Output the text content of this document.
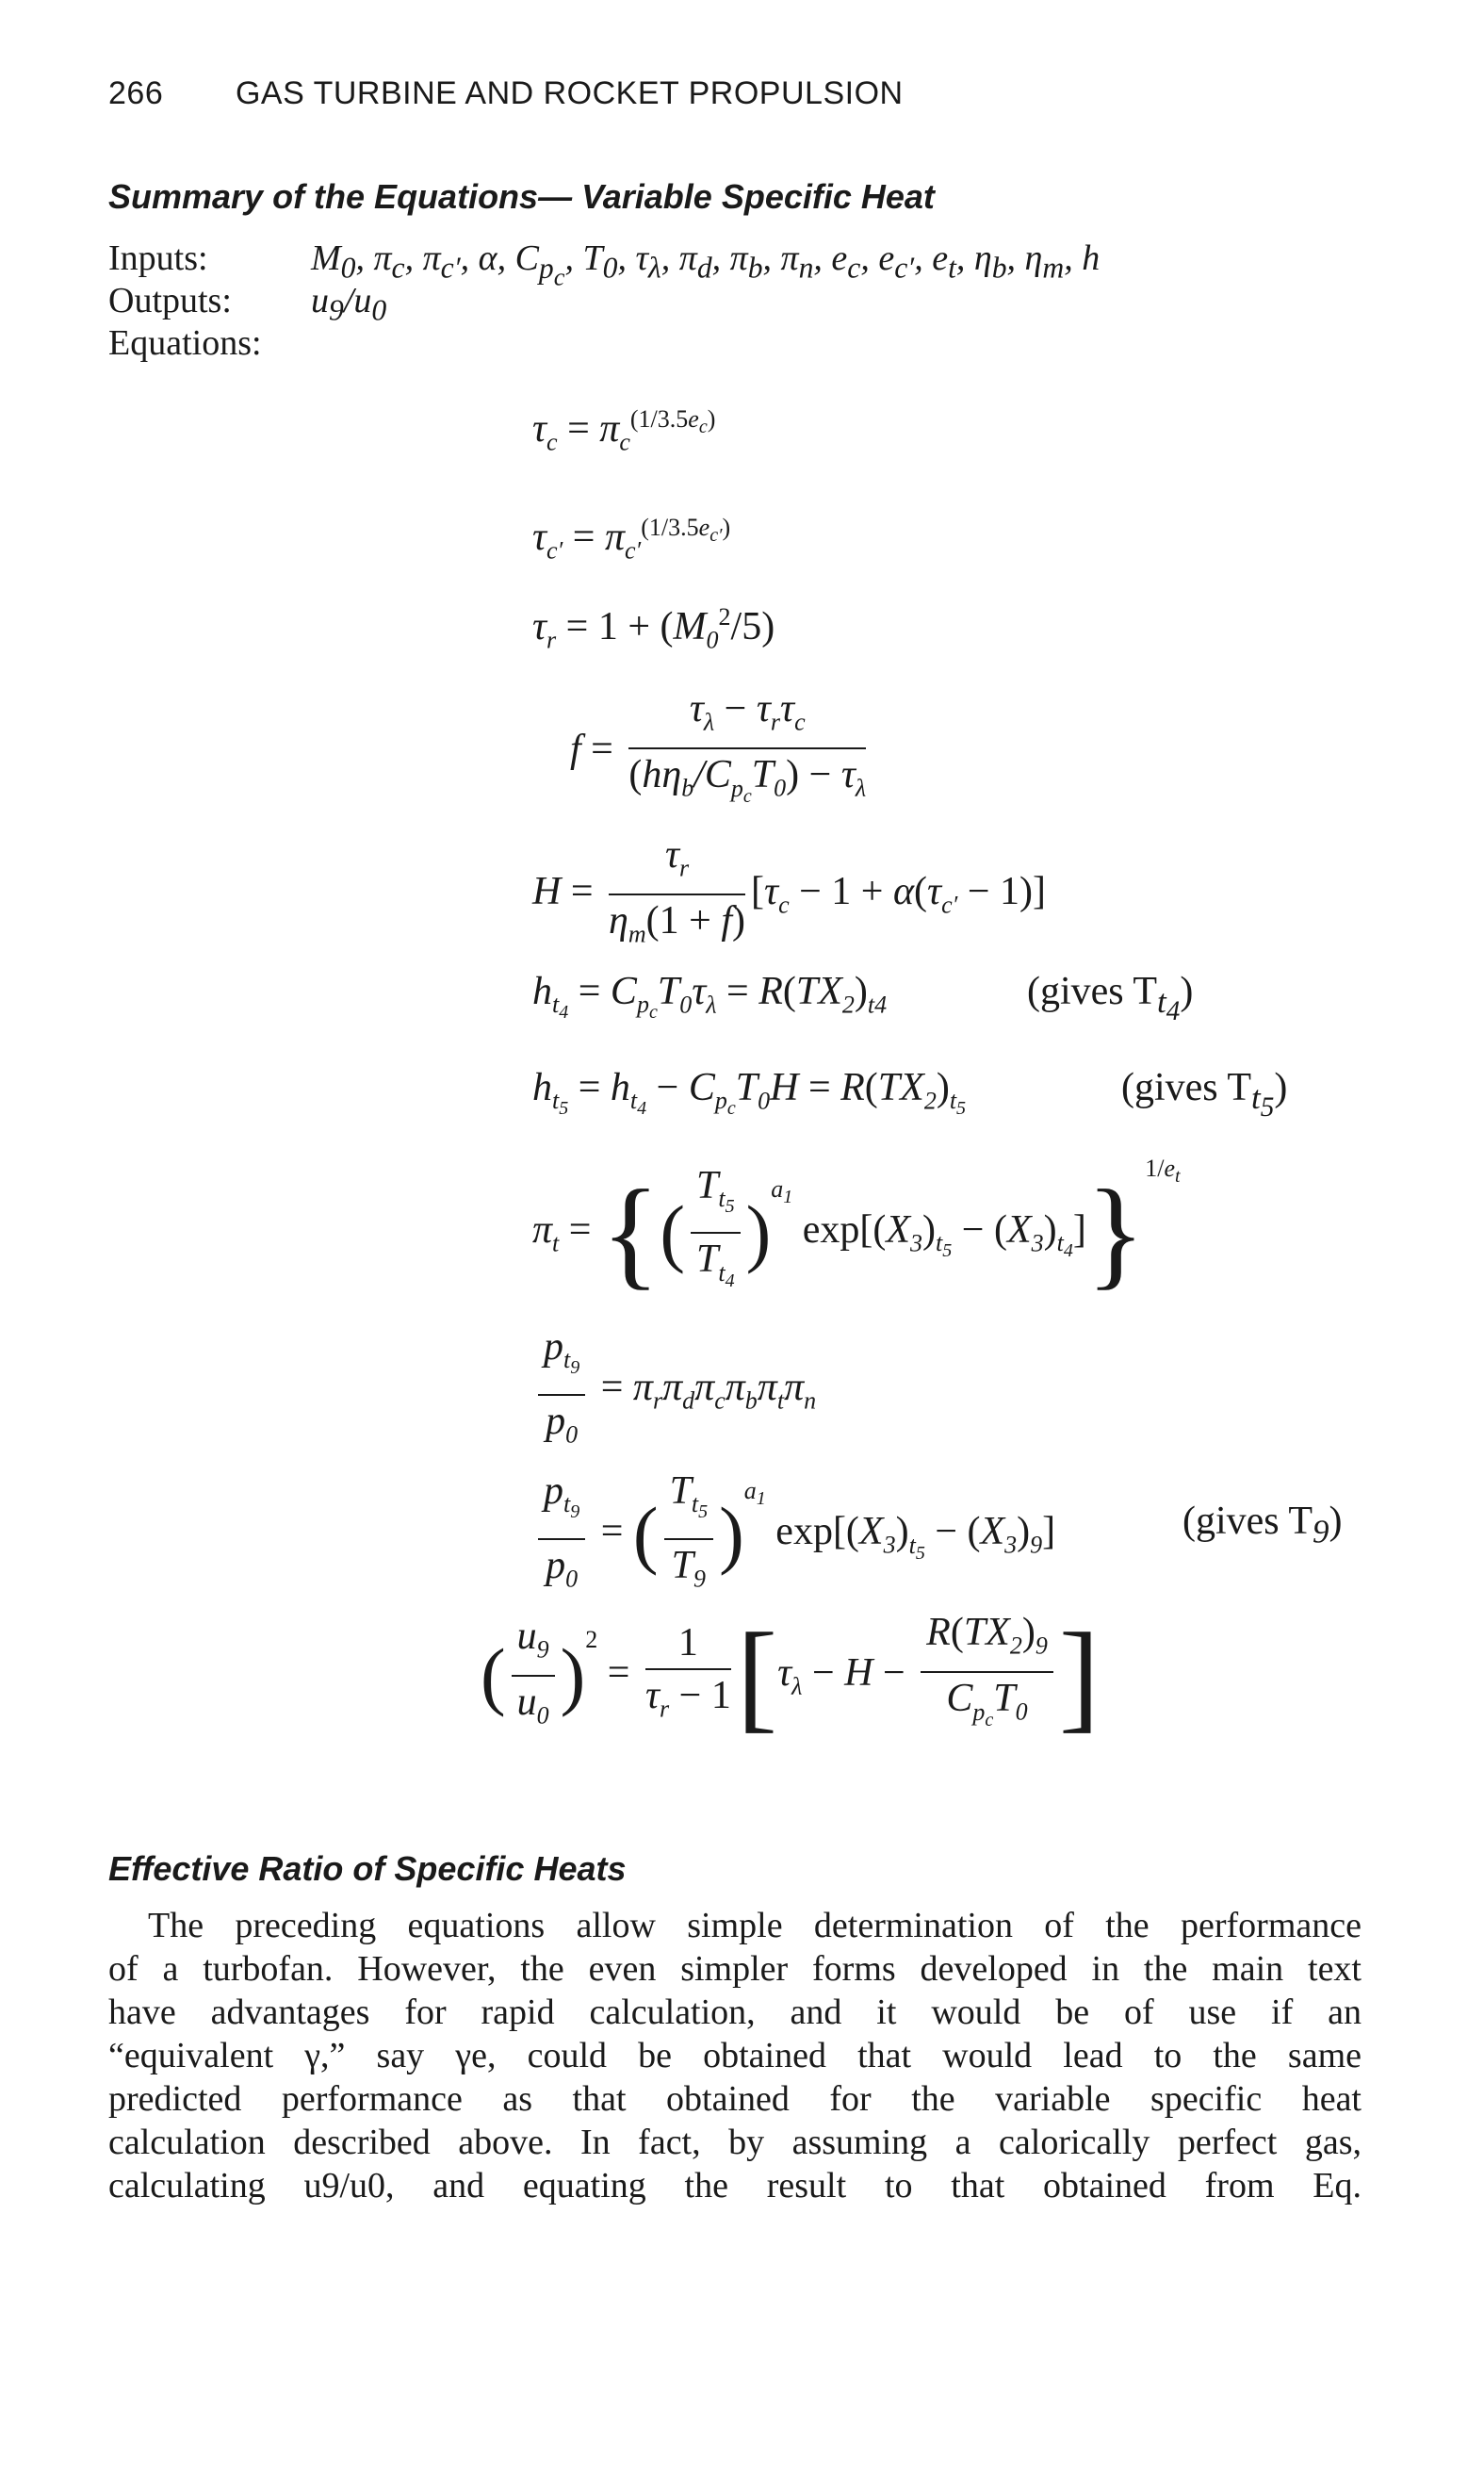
266 GAS TURBINE AND ROCKET PROPULSION
Summary of the Equations— Variable Specific Heat
Inputs:	$M_0$, $\pi_c$, $\pi_{c'}$, α, $C_{p_c}$, $T_0$, $\tau_\lambda$, $\pi_d$, $\pi_b$, $\pi_n$, $e_c$, $e_{c'}$, $e_t$, $\eta_b$, $\eta_m$, h
Outputs: $u_9/u_0$
Equations:
$\tau_c = \pi_c^{(1/3.5e_c)}$
$\tau_{c'} = \pi_{c'}^{(1/3.5e_{c'})}$
$\tau_r = 1 + (M_0^2/5)$
$f = \frac{\tau_\lambda - \tau_r\tau_c}{(h\eta_b/C_{p_c}T_0) - \tau_\lambda}$
$H = \frac{\tau_r}{\eta_m(1 + f)} [\tau_c - 1 + \alpha(\tau_{c'} - 1)]$
$h_{t_4} = C_{p_c}T_0\tau_\lambda = R(TX_2)_{t4}$	(gives $T_{t_4}$)
$h_{t_5} = h_{t_4} - C_{p_c}T_0H = R(TX_2)_{t_5}$	(gives $T_{t_5}$)
$\pi_t$ = {( $\frac{T_{t_5}}{T_{t_4}} )^{a_1}$ $\exp[(X_3)_{t_5} - (X_3)_{t_4}]\}^{1/e_t}$
$\frac{p_{t_9}}{p_0} = \pi_r\pi_d\pi_c\pi_b\pi_t\pi_n$
$\frac{p_{t_9}}{p_0}$ = ( $\frac{T_{t_5}}{T_9} )^{a_1}$ $\exp[(X_3)_{t_5} - (X_3)_9]$	(gives $T_9$)
( $\frac{u_9}{u_0} )^2 = \frac{1}{\tau_r - 1} [\tau_\lambda - H - \frac{R(TX_2)_9}{C_{p_c}T_0}$ ]
Effective Ratio of Specific Heats
The preceding equations allow simple determination of the performance
of a turbofan. However, the even simpler forms developed in the main text
have advantages for rapid calculation, and it would be of use if an
“equivalent γ,” say γe, could be obtained that would lead to the same
predicted performance as that obtained for the variable specific heat
calculation described above. In fact, by assuming a calorically perfect gas,
calculating u9/u0, and equating the result to that obtained from Eq.
